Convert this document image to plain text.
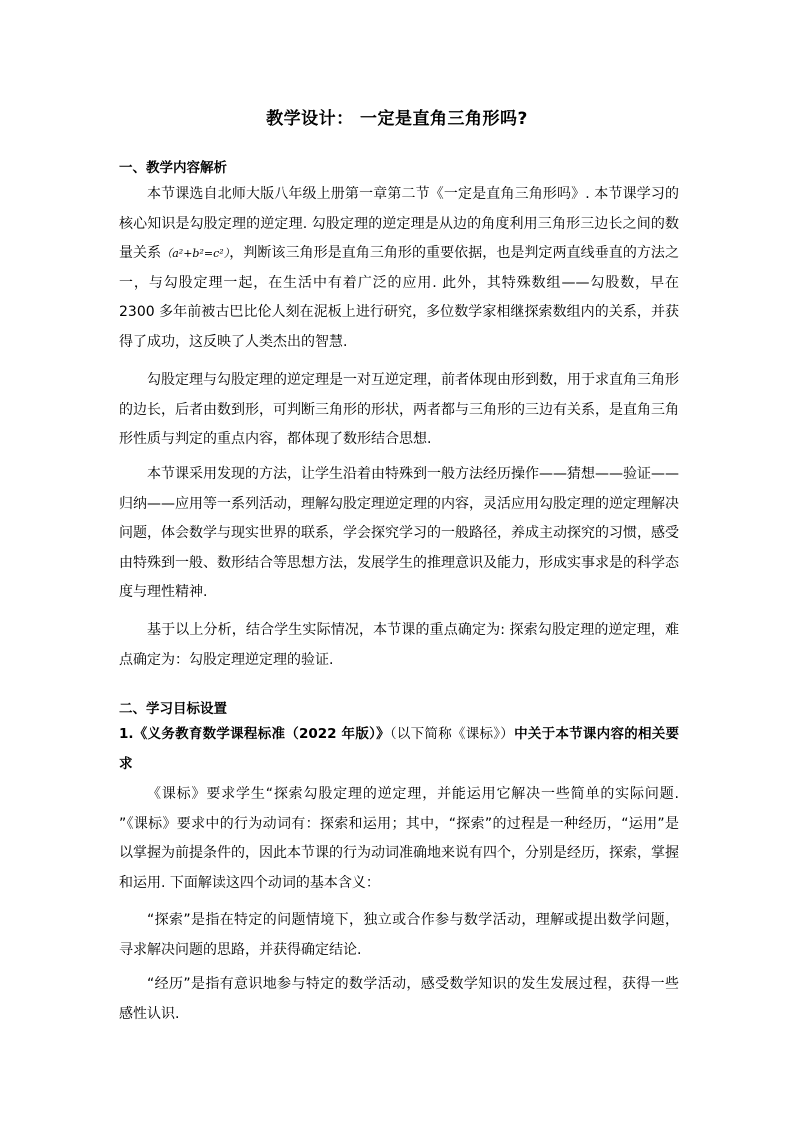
教学设计： 一定是直角三角形吗?
一、教学内容解析
本节课选自北师大版八年级上册第一章第二节《一定是直角三角形吗》. 本节课学习的核心知识是勾股定理的逆定理. 勾股定理的逆定理是从边的角度利用三角形三边长之间的数量关系（a²+b²=c²），判断该三角形是直角三角形的重要依据，也是判定两直线垂直的方法之一，与勾股定理一起，在生活中有着广泛的应用. 此外，其特殊数组——勾股数，早在 2300 多年前被古巴比伦人刻在泥板上进行研究，多位数学家相继探索数组内的关系，并获得了成功，这反映了人类杰出的智慧.
勾股定理与勾股定理的逆定理是一对互逆定理，前者体现由形到数，用于求直角三角形的边长，后者由数到形，可判断三角形的形状，两者都与三角形的三边有关系，是直角三角形性质与判定的重点内容，都体现了数形结合思想.
本节课采用发现的方法，让学生沿着由特殊到一般方法经历操作——猜想——验证——归纳——应用等一系列活动，理解勾股定理逆定理的内容，灵活应用勾股定理的逆定理解决问题，体会数学与现实世界的联系，学会探究学习的一般路径，养成主动探究的习惯，感受由特殊到一般、数形结合等思想方法，发展学生的推理意识及能力，形成实事求是的科学态度与理性精神.
基于以上分析，结合学生实际情况，本节课的重点确定为: 探索勾股定理的逆定理，难点确定为：勾股定理逆定理的验证.
二、学习目标设置
1.《义务教育数学课程标准（2022 年版）》（以下简称《课标》）中关于本节课内容的相关要求
《课标》要求学生“探索勾股定理的逆定理，并能运用它解决一些简单的实际问题. ”《课标》要求中的行为动词有：探索和运用；其中，“探索”的过程是一种经历，“运用”是以掌握为前提条件的，因此本节课的行为动词准确地来说有四个，分别是经历，探索，掌握和运用. 下面解读这四个动词的基本含义：
“探索”是指在特定的问题情境下，独立或合作参与数学活动，理解或提出数学问题，寻求解决问题的思路，并获得确定结论.
“经历”是指有意识地参与特定的数学活动，感受数学知识的发生发展过程，获得一些感性认识.
